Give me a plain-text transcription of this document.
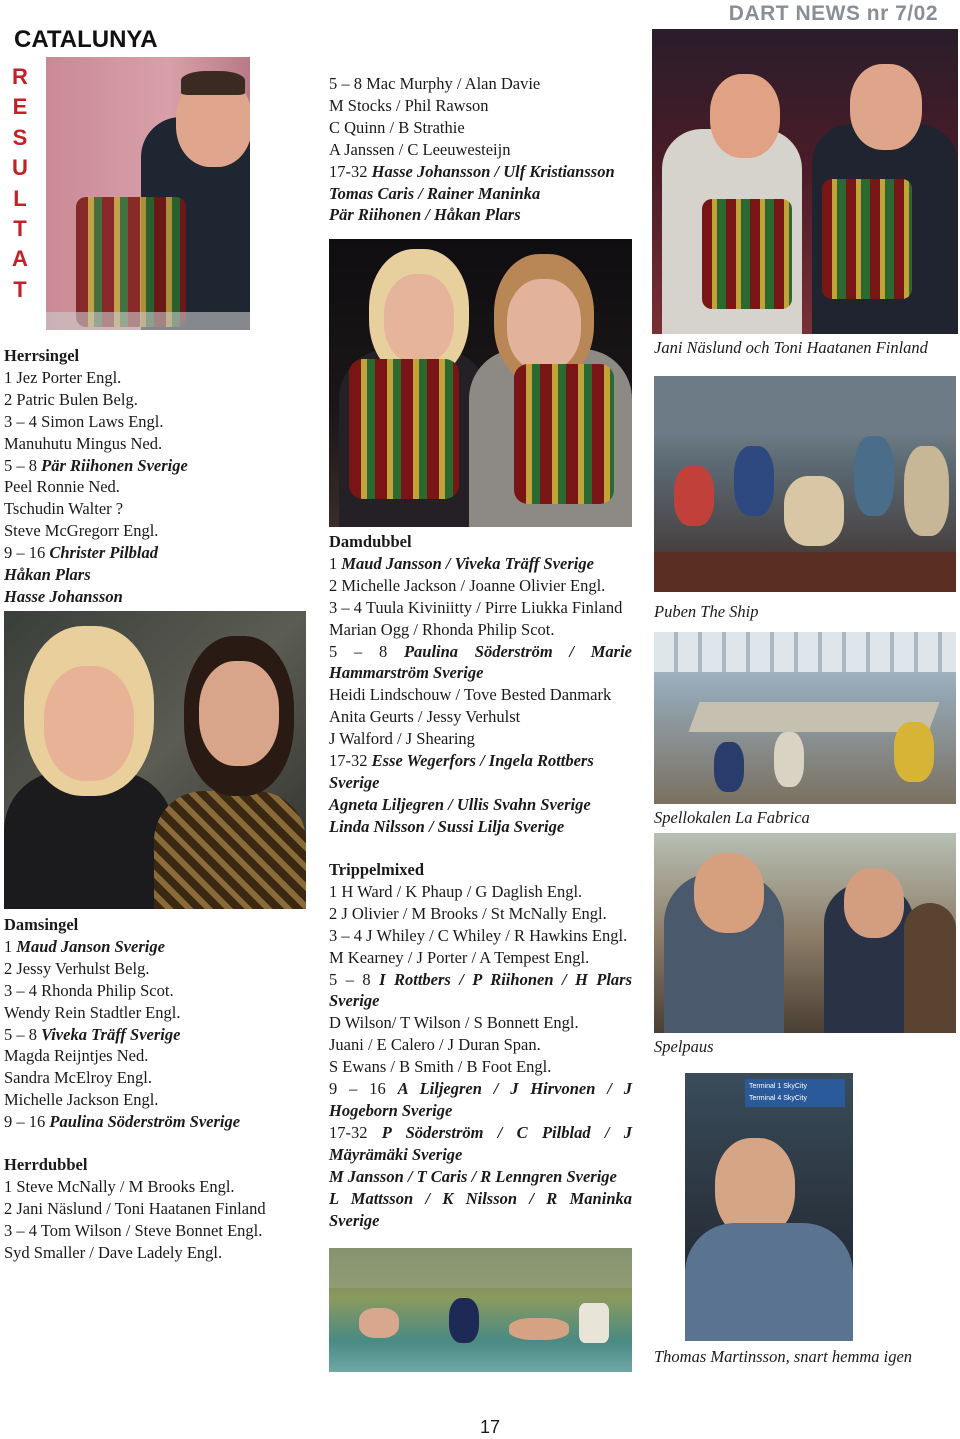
DART NEWS nr 7/02
CATALUNYA
R
E
S
U
L
T
A
T
Jani Näslund och Toni Haatanen Finland
Herrsingel
1 Jez Porter Engl.
2 Patric Bulen Belg.
3 – 4 Simon Laws Engl.
Manuhutu Mingus Ned.
5 – 8 Pär Riihonen Sverige
Peel Ronnie Ned.
Tschudin Walter ?
Steve McGregorr Engl.
9 – 16 Christer Pilblad
Håkan Plars
Hasse Johansson
Damsingel
1 Maud Janson Sverige
2 Jessy Verhulst Belg.
3 – 4 Rhonda Philip Scot.
Wendy Rein Stadtler Engl.
5 – 8 Viveka Träff Sverige
Magda Reijntjes Ned.
Sandra McElroy Engl.
Michelle Jackson Engl.
9 – 16 Paulina Söderström Sverige
Herrdubbel
1 Steve McNally / M Brooks Engl.
2 Jani Näslund / Toni Haatanen Finland
3 – 4 Tom Wilson / Steve Bonnet Engl.
Syd Smaller / Dave Ladely Engl.
5 – 8 Mac Murphy / Alan Davie
M Stocks / Phil Rawson
C Quinn / B Strathie
A Janssen / C Leeuwesteijn
17-32 Hasse Johansson / Ulf Kristiansson
Tomas Caris / Rainer Maninka
Pär Riihonen / Håkan Plars
Damdubbel
1 Maud Jansson / Viveka Träff Sverige
2 Michelle Jackson / Joanne Olivier Engl.
3 – 4 Tuula Kiviniitty / Pirre Liukka Finland
Marian Ogg / Rhonda Philip Scot.
5 – 8 Paulina Söderström / Marie
Hammarström Sverige
Heidi Lindschouw / Tove Bested Danmark
Anita Geurts / Jessy Verhulst
J Walford / J Shearing
17-32 Esse Wegerfors / Ingela Rottbers
Sverige
Agneta Liljegren / Ullis Svahn Sverige
Linda Nilsson / Sussi Lilja Sverige
Trippelmixed
1 H Ward / K Phaup / G Daglish Engl.
2 J Olivier / M Brooks / St McNally Engl.
3 – 4 J Whiley / C Whiley / R Hawkins Engl.
M Kearney / J Porter / A Tempest Engl.
5 – 8 I Rottbers / P Riihonen / H Plars
Sverige
D Wilson/ T Wilson / S Bonnett Engl.
Juani / E Calero / J Duran Span.
S Ewans / B Smith / B Foot Engl.
9 – 16 A Liljegren / J Hirvonen / J
Hogeborn Sverige
17-32 P Söderström / C Pilblad / J
Mäyrämäki Sverige
M Jansson / T Caris / R Lenngren Sverige
L Mattsson / K Nilsson / R Maninka
Sverige
Puben The Ship
Spellokalen La Fabrica
Spelpaus
Terminal 1 SkyCity
Terminal 4 SkyCity
Thomas Martinsson, snart hemma igen
17
